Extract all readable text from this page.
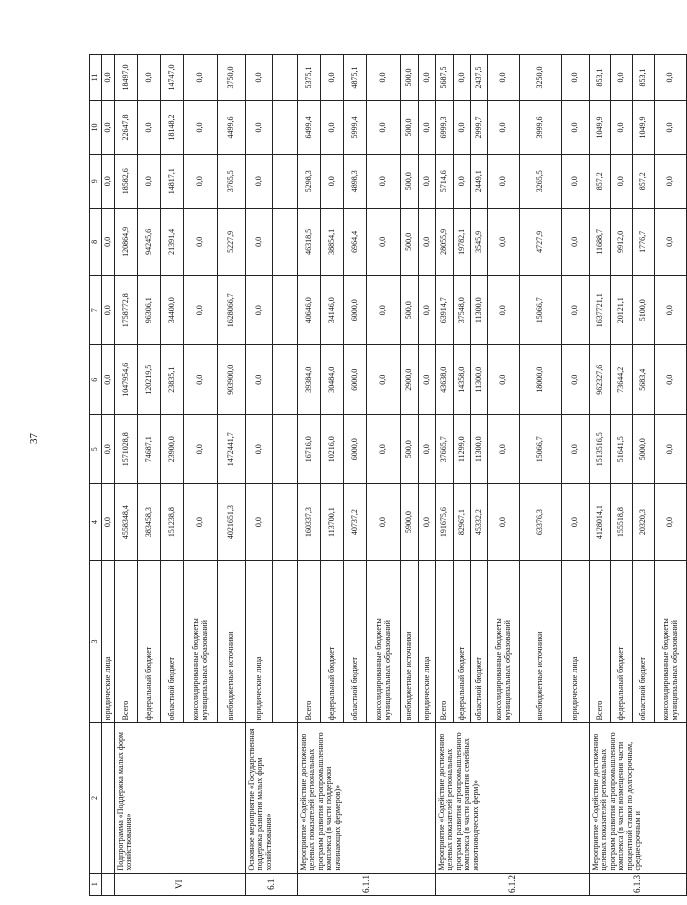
37
1	2	3	4	5	6	7	8	9	10	11
		юридические лица	0,0	0,0	0,0	0,0	0,0	0,0	0,0	0,0
VI	Подпрограмма «Поддержка малых форм хозяйствования»	Всего	4558348,4	1571028,8	1047954,6	1758772,8	120864,9	18582,6	22647,8	18497,0
		федеральный бюджет	383458,3	74687,1	120219,5	96306,1	94245,6	0,0	0,0	0,0
		областной бюджет	151238,8	23900,0	23835,1	34400,0	21391,4	14817,1	18148,2	14747,0
		консолидированные бюджеты муниципальных образований	0,0	0,0	0,0	0,0	0,0	0,0	0,0	0,0
		внебюджетные источники	4021651,3	1472441,7	903900,0	1628066,7	5227,9	3765,5	4499,6	3750,0
6.1	Основное мероприятие «Государственная поддержка развития малых форм хозяйствования»	юридические лица	0,0	0,0	0,0	0,0	0,0	0,0	0,0	0,0

6.1.1	Мероприятие «Содействие достижению целевых показателей региональных программ развития агропромышленного комплекса (в части поддержки начинающих фермеров)»	Всего	160337,3	16716,0	39384,0	40646,0	46318,5	5298,3	6499,4	5375,1
		федеральный бюджет	113700,1	10216,0	30484,0	34146,0	38854,1	0,0	0,0	0,0
		областной бюджет	40737,2	6000,0	6000,0	6000,0	6964,4	4898,3	5999,4	4875,1
		консолидированные бюджеты муниципальных образований	0,0	0,0	0,0	0,0	0,0	0,0	0,0	0,0
		внебюджетные источники	5900,0	500,0	2900,0	500,0	500,0	500,0	500,0	500,0
		юридические лица	0,0	0,0	0,0	0,0	0,0	0,0	0,0	0,0
6.1.2	Мероприятие «Содействие достижению целевых показателей региональных программ развития агропромышленного комплекса (в части развития семейных животноводческих ферм)»	Всего	191675,6	37665,7	43638,0	63914,7	28055,9	5714,6	6999,3	5687,5
		федеральный бюджет	82967,1	11299,0	14358,0	37548,0	19782,1	0,0	0,0	0,0
		областной бюджет	45332,2	11300,0	11300,0	11300,0	3545,9	2449,1	2999,7	2437,5
		консолидированные бюджеты муниципальных образований	0,0	0,0	0,0	0,0	0,0	0,0	0,0	0,0
		внебюджетные источники	63376,3	15066,7	18000,0	15066,7	4727,9	3265,5	3999,6	3250,0
		юридические лица	0,0	0,0	0,0	0,0	0,0	0,0	0,0	0,0
6.1.3	Мероприятие «Содействие достижению целевых показателей региональных программ развития агропромышленного комплекса (в части возмещения части процентной ставки по долгосрочным, среднесрочным и	Всего	4128014,1	1513516,5	962327,6	1637721,1	11688,7	857,2	1049,9	853,1
		федеральный бюджет	155518,8	51641,5	73644,2	20121,1	9912,0	0,0	0,0	0,0
		областной бюджет	20320,3	5000,0	5683,4	5100,0	1776,7	857,2	1049,9	853,1
		консолидированные бюджеты муниципальных образований	0,0	0,0	0,0	0,0	0,0	0,0	0,0	0,0
